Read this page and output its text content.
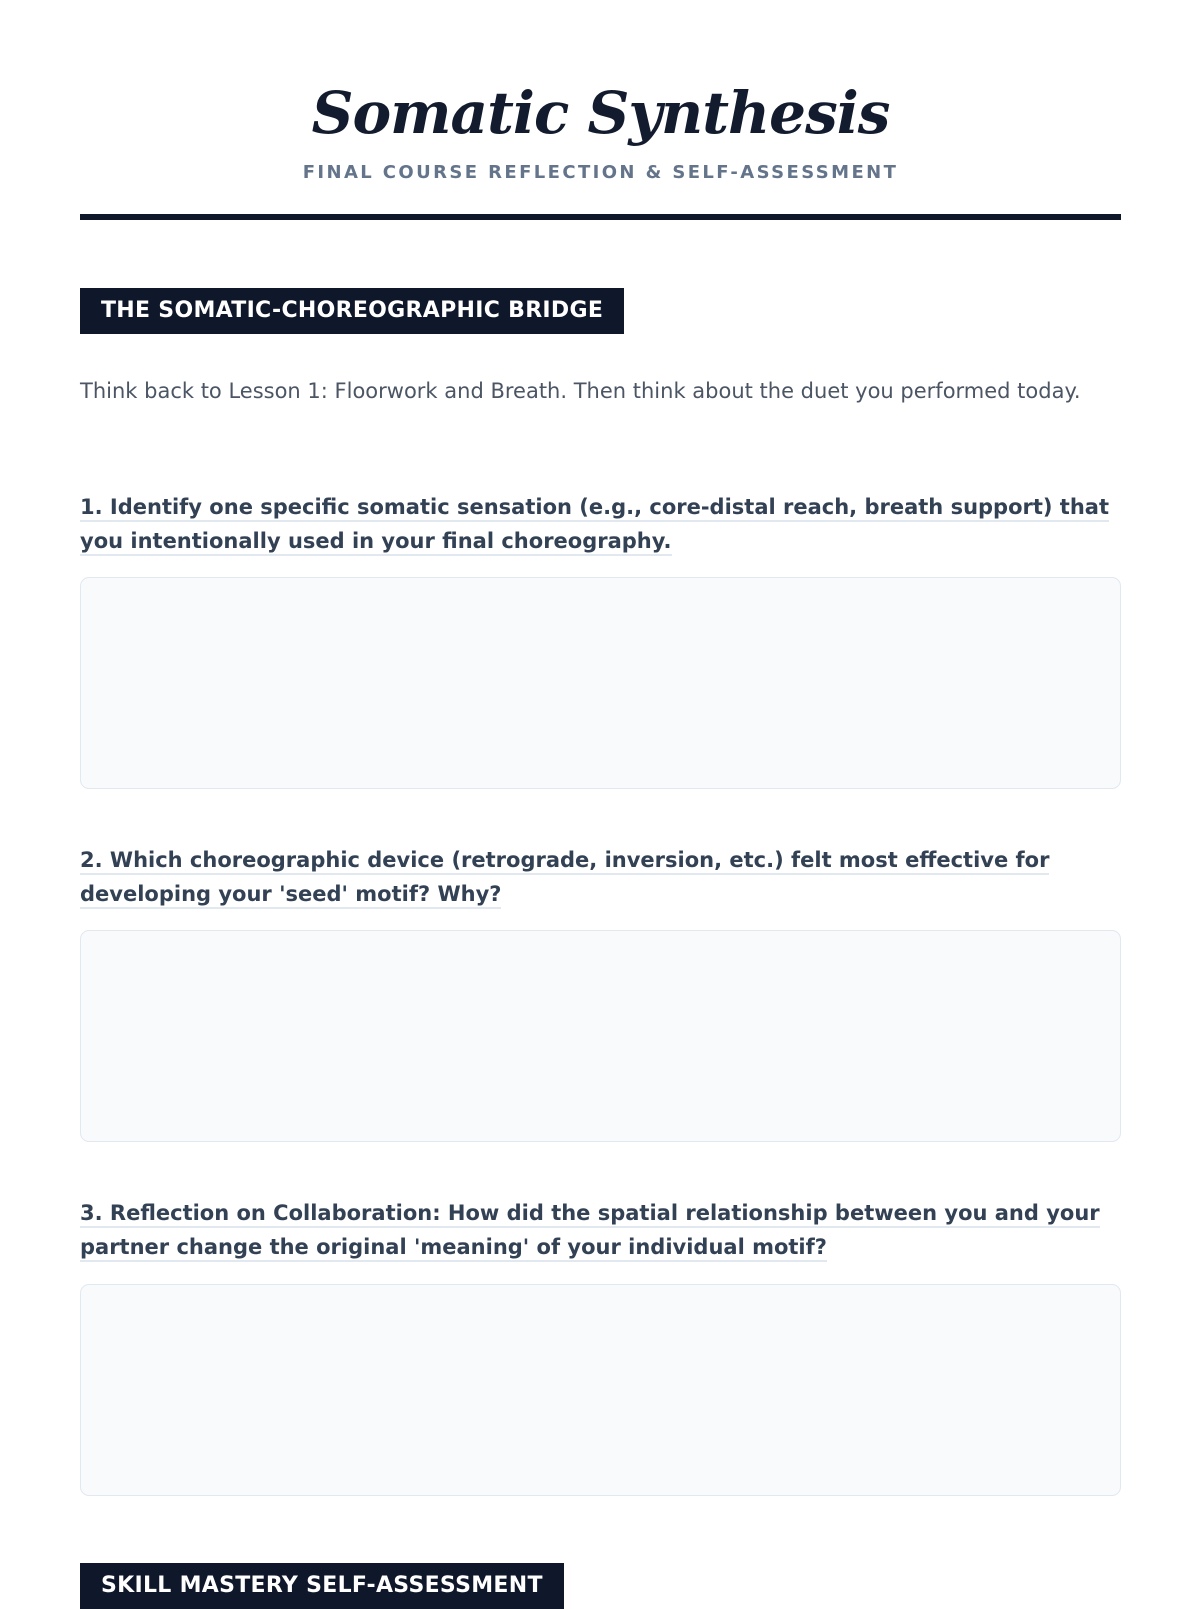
Somatic Synthesis
FINAL COURSE REFLECTION & SELF-ASSESSMENT
THE SOMATIC-CHOREOGRAPHIC BRIDGE

Think back to Lesson 1: Floorwork and Breath. Then think about the duet you performed today.

1. Identify one specific somatic sensation (e.g., core-distal reach, breath support) that you intentionally used in your final choreography.

2. Which choreographic device (retrograde, inversion, etc.) felt most effective for developing your 'seed' motif? Why?

3. Reflection on Collaboration: How did the spatial relationship between you and your partner change the original 'meaning' of your individual motif?

SKILL MASTERY SELF-ASSESSMENT
